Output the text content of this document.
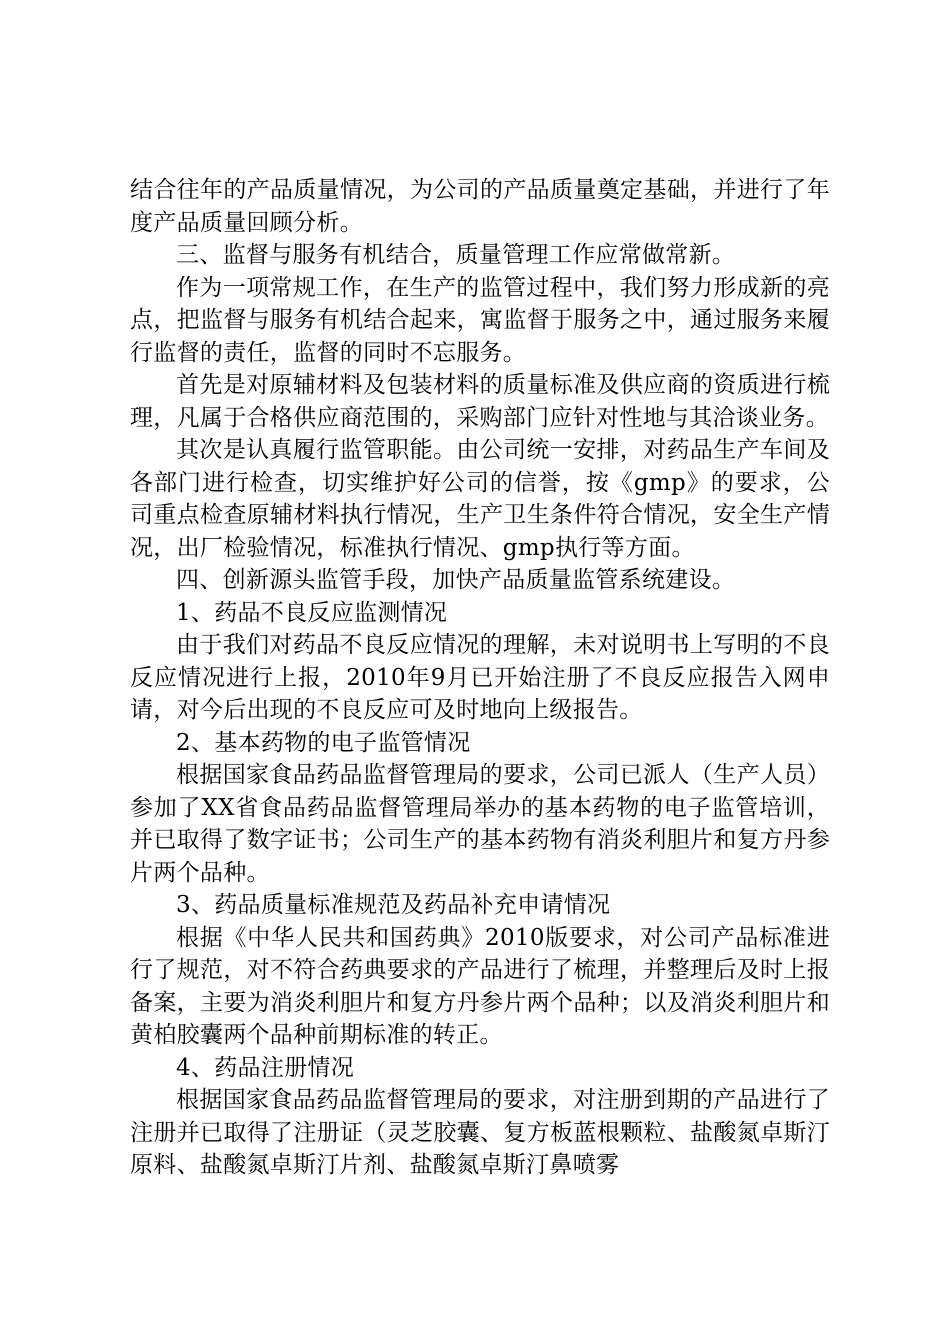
结合往年的产品质量情况，为公司的产品质量奠定基础，并进行了年度产品质量回顾分析。

三、监督与服务有机结合，质量管理工作应常做常新。

作为一项常规工作，在生产的监管过程中，我们努力形成新的亮点，把监督与服务有机结合起来，寓监督于服务之中，通过服务来履行监督的责任，监督的同时不忘服务。

首先是对原辅材料及包装材料的质量标准及供应商的资质进行梳理，凡属于合格供应商范围的，采购部门应针对性地与其洽谈业务。

其次是认真履行监管职能。由公司统一安排，对药品生产车间及各部门进行检查，切实维护好公司的信誉，按《gmp》的要求，公司重点检查原辅材料执行情况，生产卫生条件符合情况，安全生产情况，出厂检验情况，标准执行情况、gmp执行等方面。

四、创新源头监管手段，加快产品质量监管系统建设。

1、药品不良反应监测情况

由于我们对药品不良反应情况的理解，未对说明书上写明的不良反应情况进行上报，2010年9月已开始注册了不良反应报告入网申请，对今后出现的不良反应可及时地向上级报告。

2、基本药物的电子监管情况

根据国家食品药品监督管理局的要求，公司已派人（生产人员）参加了XX省食品药品监督管理局举办的基本药物的电子监管培训，并已取得了数字证书；公司生产的基本药物有消炎利胆片和复方丹参片两个品种。

3、药品质量标准规范及药品补充申请情况

根据《中华人民共和国药典》2010版要求，对公司产品标准进行了规范，对不符合药典要求的产品进行了梳理，并整理后及时上报备案，主要为消炎利胆片和复方丹参片两个品种；以及消炎利胆片和黄柏胶囊两个品种前期标准的转正。

4、药品注册情况

根据国家食品药品监督管理局的要求，对注册到期的产品进行了注册并已取得了注册证（灵芝胶囊、复方板蓝根颗粒、盐酸氮卓斯汀原料、盐酸氮卓斯汀片剂、盐酸氮卓斯汀鼻喷雾
